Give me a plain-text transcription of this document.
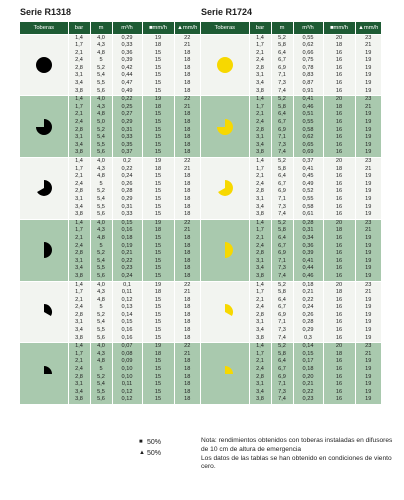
Serie R1318
Toberas	bar	m	m³/h	■mm/h	▲mm/h

	1,4	4,0	0,29	19	22
	1,7	4,3	0,33	18	21
	2,1	4,8	0,36	15	18
	2,4	5	0,39	15	18
	2,8	5,2	0,42	15	18
	3,1	5,4	0,44	15	18
	3,4	5,5	0,47	15	18
	3,8	5,6	0,49	15	18

	1,4	4,0	0,22	19	22
	1,7	4,3	0,25	18	21
	2,1	4,8	0,27	15	18
	2,4	5,0	0,29	15	18
	2,8	5,2	0,31	15	18
	3,1	5,4	0,33	15	18
	3,4	5,5	0,35	15	18
	3,8	5,6	0,37	15	18

	1,4	4,0	0,2	19	22
	1,7	4,3	0,22	18	21
	2,1	4,8	0,24	15	18
	2,4	5	0,26	15	18
	2,8	5,2	0,28	15	18
	3,1	5,4	0,29	15	18
	3,4	5,5	0,31	15	18
	3,8	5,6	0,33	15	18

	1,4	4,0	0,15	19	22
	1,7	4,3	0,16	18	21
	2,1	4,8	0,18	15	18
	2,4	5	0,19	15	18
	2,8	5,2	0,21	15	18
	3,1	5,4	0,22	15	18
	3,4	5,5	0,23	15	18
	3,8	5,6	0,24	15	18

	1,4	4,0	0,1	19	22
	1,7	4,3	0,11	18	21
	2,1	4,8	0,12	15	18
	2,4	5	0,13	15	18
	2,8	5,2	0,14	15	18
	3,1	5,4	0,15	15	18
	3,4	5,5	0,16	15	18
	3,8	5,6	0,16	15	18

	1,4	4,0	0,07	19	22
	1,7	4,3	0,08	18	21
	2,1	4,8	0,09	15	18
	2,4	5	0,10	15	18
	2,8	5,2	0,10	15	18
	3,1	5,4	0,11	15	18
	3,4	5,5	0,12	15	18
	3,8	5,6	0,12	15	18
Serie R1724
Toberas	bar	m	m³/h	■mm/h	▲mm/h

	1,4	5,2	0,55	20	23
	1,7	5,8	0,62	18	21
	2,1	6,4	0,66	16	19
	2,4	6,7	0,75	16	19
	2,8	6,9	0,78	16	19
	3,1	7,1	0,83	16	19
	3,4	7,3	0,87	16	19
	3,8	7,4	0,91	16	19

	1,4	5,2	0,41	20	23
	1,7	5,8	0,46	18	21
	2,1	6,4	0,51	16	19
	2,4	6,7	0,55	16	19
	2,8	6,9	0,58	16	19
	3,1	7,1	0,62	16	19
	3,4	7,3	0,65	16	19
	3,8	7,4	0,69	16	19

	1,4	5,2	0,37	20	23
	1,7	5,8	0,41	18	21
	2,1	6,4	0,45	16	19
	2,4	6,7	0,49	16	19
	2,8	6,9	0,52	16	19
	3,1	7,1	0,55	16	19
	3,4	7,3	0,58	16	19
	3,8	7,4	0,61	16	19

	1,4	5,2	0,28	20	23
	1,7	5,8	0,31	18	21
	2,1	6,4	0,34	16	19
	2,4	6,7	0,36	16	19
	2,8	6,9	0,39	16	19
	3,1	7,1	0,41	16	19
	3,4	7,3	0,44	16	19
	3,8	7,4	0,46	16	19

	1,4	5,2	0,18	20	23
	1,7	5,8	0,21	18	21
	2,1	6,4	0,22	16	19
	2,4	6,7	0,24	16	19
	2,8	6,9	0,26	16	19
	3,1	7,1	0,28	16	19
	3,4	7,3	0,29	16	19
	3,8	7,4	0,3	16	19

	1,4	5,2	0,14	20	23
	1,7	5,8	0,15	18	21
	2,1	6,4	0,17	16	19
	2,4	6,7	0,18	16	19
	2,8	6,9	0,20	16	19
	3,1	7,1	0,21	16	19
	3,4	7,3	0,22	16	19
	3,8	7,4	0,23	16	19
■ 50%
▲ 50%
Nota: rendimientos obtenidos con toberas instaladas en difusores de 10 cm de altura de emergencia
Los datos de las tablas se han obtenido en condiciones de viento cero.
